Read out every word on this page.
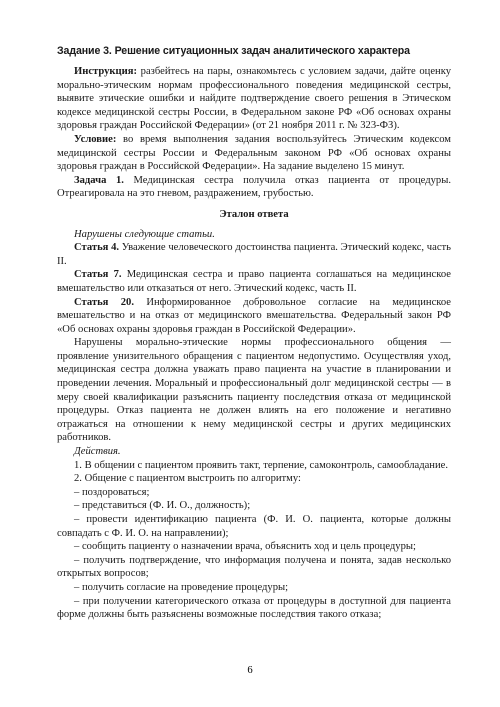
Задание 3. Решение ситуационных задач аналитического характера

Инструкция: разбейтесь на пары, ознакомьтесь с условием задачи, дайте оценку морально-этическим нормам профессионального поведения медицинской сестры, выявите этические ошибки и найдите подтверждение своего решения в Этическом кодексе медицинской сестры России, в Федеральном законе РФ «Об основах охраны здоровья граждан Российской Федерации» (от 21 ноября 2011 г. № 323-ФЗ).

Условие: во время выполнения задания воспользуйтесь Этическим кодексом медицинской сестры России и Федеральным законом РФ «Об основах охраны здоровья граждан в Российской Федерации». На задание выделено 15 минут.

Задача 1. Медицинская сестра получила отказ пациента от процедуры. Отреагировала на это гневом, раздражением, грубостью.

Эталон ответа

Нарушены следующие статьи.

Статья 4. Уважение человеческого достоинства пациента. Этический кодекс, часть II.

Статья 7. Медицинская сестра и право пациента соглашаться на медицинское вмешательство или отказаться от него. Этический кодекс, часть II.

Статья 20. Информированное добровольное согласие на медицинское вмешательство и на отказ от медицинского вмешательства. Федеральный закон РФ «Об основах охраны здоровья граждан в Российской Федерации».

Нарушены морально-этические нормы профессионального общения — проявление унизительного обращения с пациентом недопустимо. Осуществляя уход, медицинская сестра должна уважать право пациента на участие в планировании и проведении лечения. Моральный и профессиональный долг медицинской сестры — в меру своей квалификации разъяснить пациенту последствия отказа от медицинской процедуры. Отказ пациента не должен влиять на его положение и негативно отражаться на отношении к нему медицинской сестры и других медицинских работников.

Действия.

1. В общении с пациентом проявить такт, терпение, самоконтроль, самообладание.

2. Общение с пациентом выстроить по алгоритму:

– поздороваться;

– представиться (Ф. И. О., должность);

– провести идентификацию пациента (Ф. И. О. пациента, которые должны совпадать с Ф. И. О. на направлении);

– сообщить пациенту о назначении врача, объяснить ход и цель процедуры;

– получить подтверждение, что информация получена и понята, задав несколько открытых вопросов;

– получить согласие на проведение процедуры;

– при получении категорического отказа от процедуры в доступной для пациента форме должны быть разъяснены возможные последствия такого отказа;

6
